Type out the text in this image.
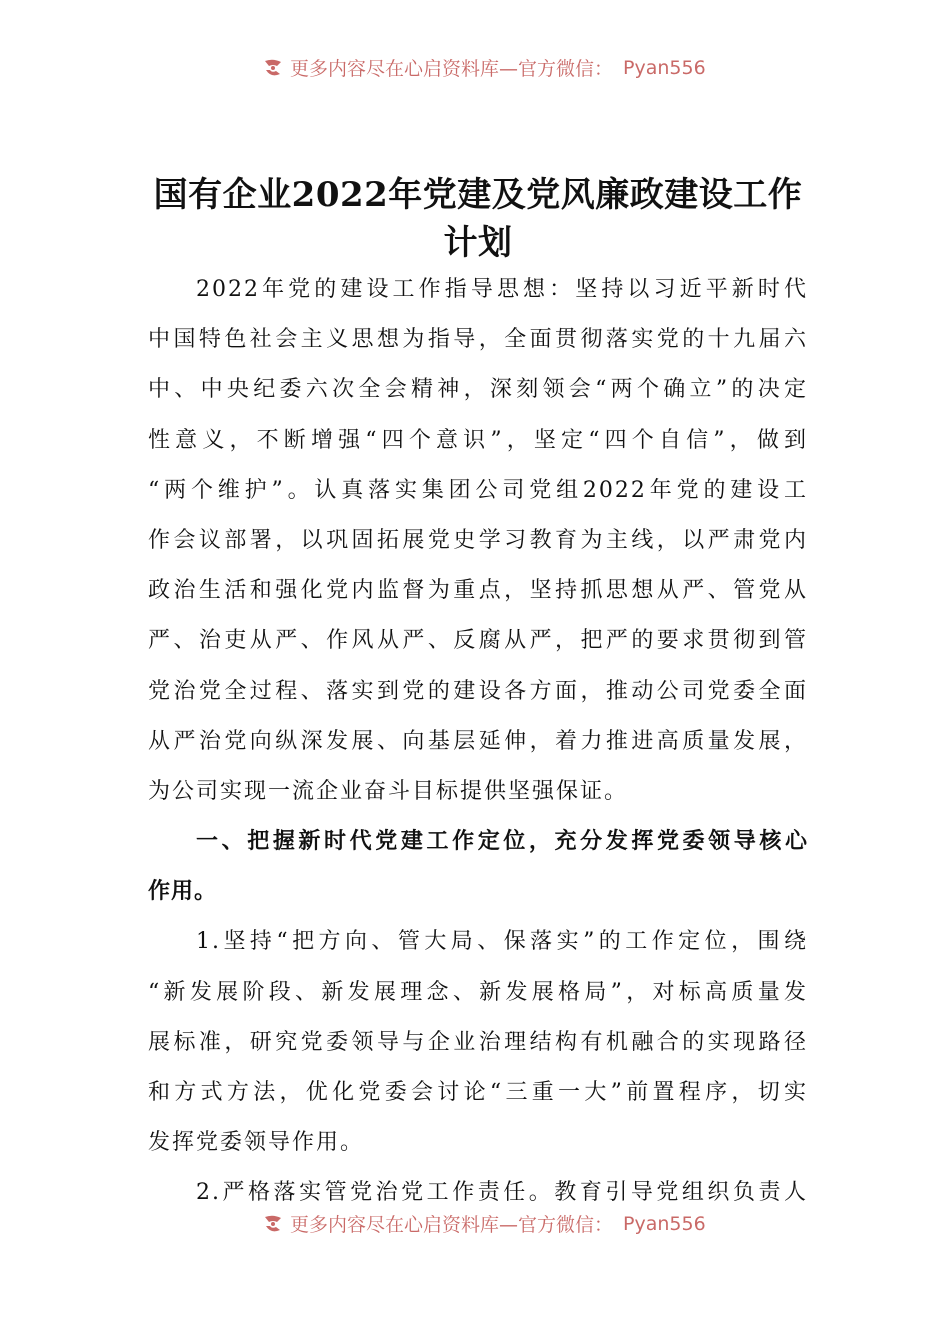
更多内容尽在心启资料库—官方微信： Pyan556
国有企业2022年党建及党风廉政建设工作
计划
2022年党的建设工作指导思想：坚持以习近平新时代
中国特色社会主义思想为指导，全面贯彻落实党的十九届六
中、中央纪委六次全会精神，深刻领会“两个确立”的决定
性意义，不断增强“四个意识”，坚定“四个自信”，做到
“两个维护”。认真落实集团公司党组2022年党的建设工
作会议部署，以巩固拓展党史学习教育为主线，以严肃党内
政治生活和强化党内监督为重点，坚持抓思想从严、管党从
严、治吏从严、作风从严、反腐从严，把严的要求贯彻到管
党治党全过程、落实到党的建设各方面，推动公司党委全面
从严治党向纵深发展、向基层延伸，着力推进高质量发展，
为公司实现一流企业奋斗目标提供坚强保证。
一、把握新时代党建工作定位，充分发挥党委领导核心
作用。
1.坚持“把方向、管大局、保落实”的工作定位，围绕
“新发展阶段、新发展理念、新发展格局”，对标高质量发
展标准，研究党委领导与企业治理结构有机融合的实现路径
和方式方法，优化党委会讨论“三重一大”前置程序，切实
发挥党委领导作用。
2.严格落实管党治党工作责任。教育引导党组织负责人
更多内容尽在心启资料库—官方微信： Pyan556
